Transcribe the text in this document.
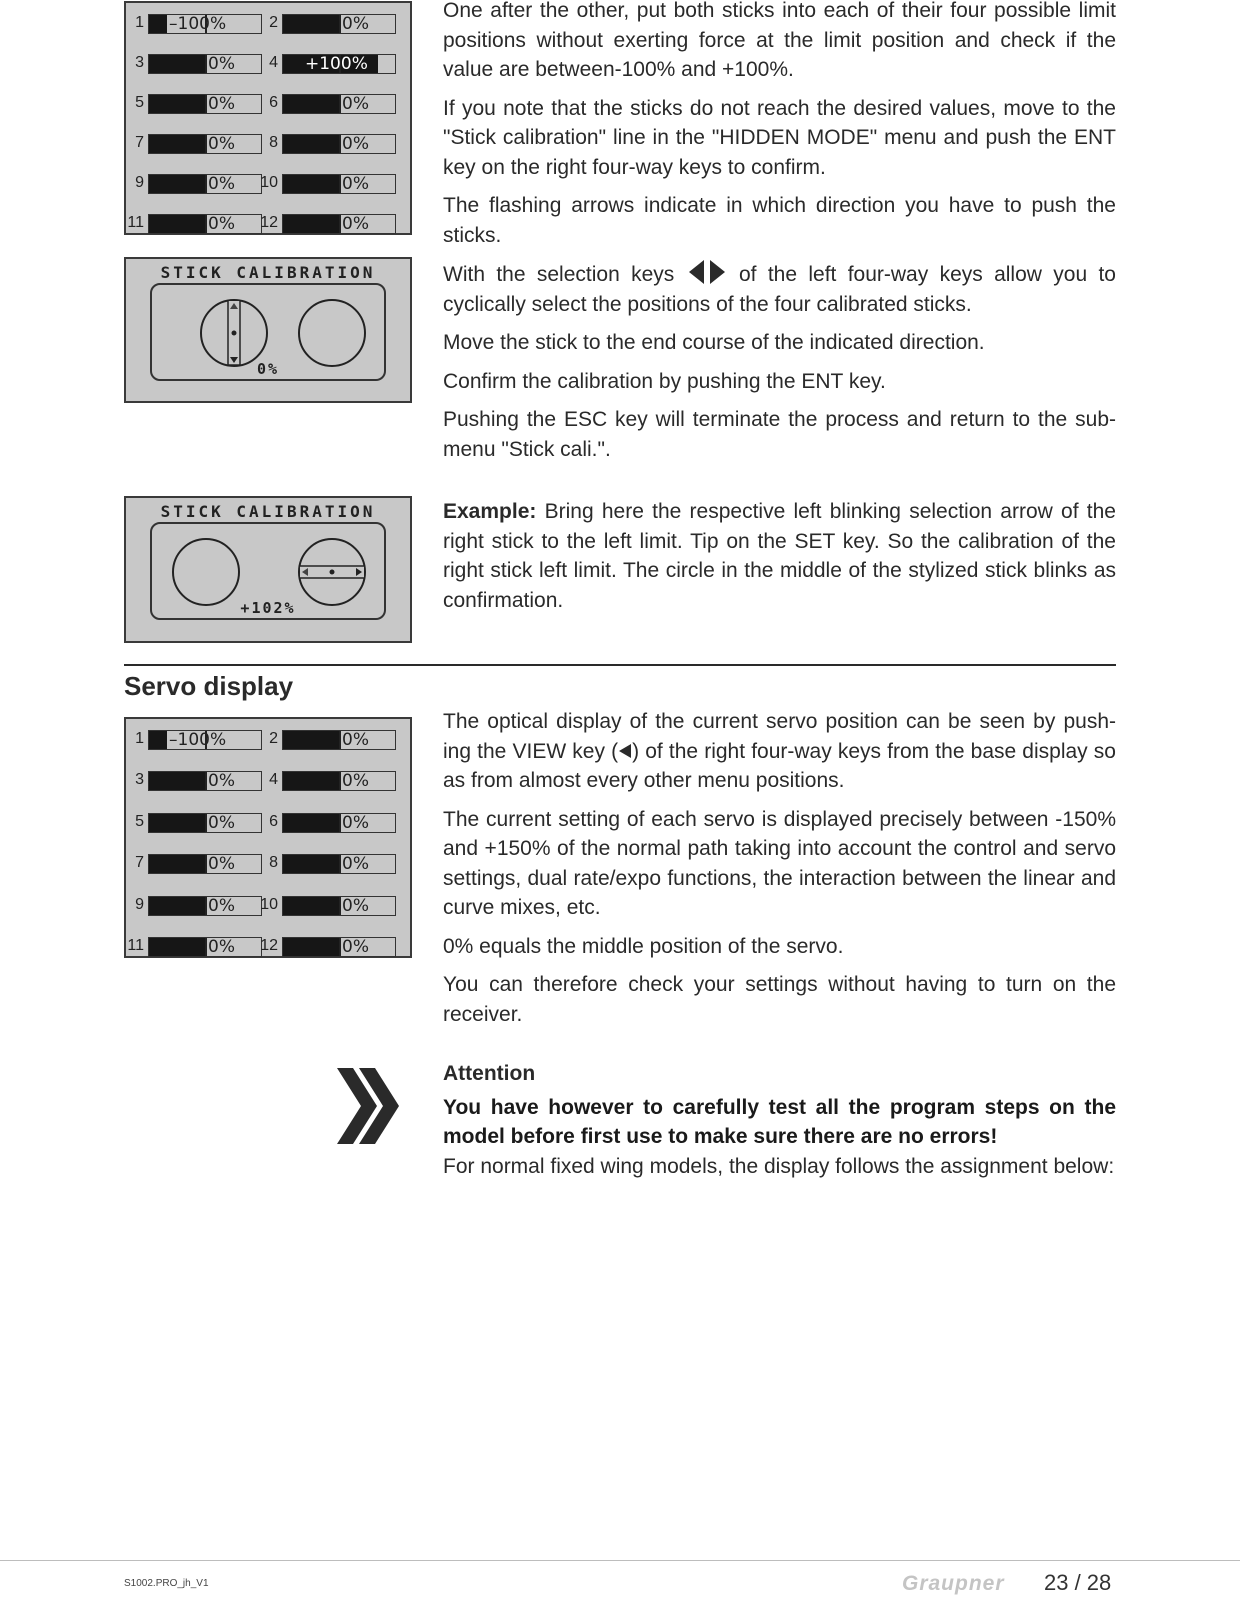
1 –100%	2	0%
3	0%	4 +100%
5	0%	6	0%
7	0%	8	0%
9	0%	10	0%
11	0%	12	0%
STICK CALIBRATION
0%
STICK CALIBRATION
+102%

One after the other, put both sticks into each of their four possible limit positions without exerting force at the limit position and check if the value are between-100% and +100%.

If you note that the sticks do not reach the desired values, move to the "Stick calibration" line in the "HIDDEN MODE" menu and push the ENT key on the right four-way keys to confirm.

The flashing arrows indicate in which direction you have to push the sticks.

With the selection keys	of the left four-way keys allow you to cyclically select the positions of the four calibrated sticks.

Move the stick to the end course of the indicated direction.

Confirm the calibration by pushing the ENT key.

Pushing the ESC key will terminate the process and return to the sub-menu "Stick cali.".

Example: Bring here the respective left blinking selection arrow of the right stick to the left limit. Tip on the SET key. So the calibration of the right stick left limit. The circle in the middle of the stylized stick blinks as confirmation.

Servo display
1 –100%	2	0%
3	0%	4	0%
5	0%	6	0%
7	0%	8	0%
9	0%	10	0%
11	0%	12	0%

The optical display of the current servo position can be seen by push-ing the VIEW key ( ) of the right four-way keys from the base display so as from almost every other menu positions.

The current setting of each servo is displayed precisely between -150% and +150% of the normal path taking into account the control and servo settings, dual rate/expo functions, the interaction between the linear and curve mixes, etc.

0% equals the middle position of the servo.

You can therefore check your settings without having to turn on the receiver.

Attention
You have however to carefully test all the program steps on the model before first use to make sure there are no errors!
For normal fixed wing models, the display follows the assignment below:
S1002.PRO_jh_V1	Graupner 23 / 28
